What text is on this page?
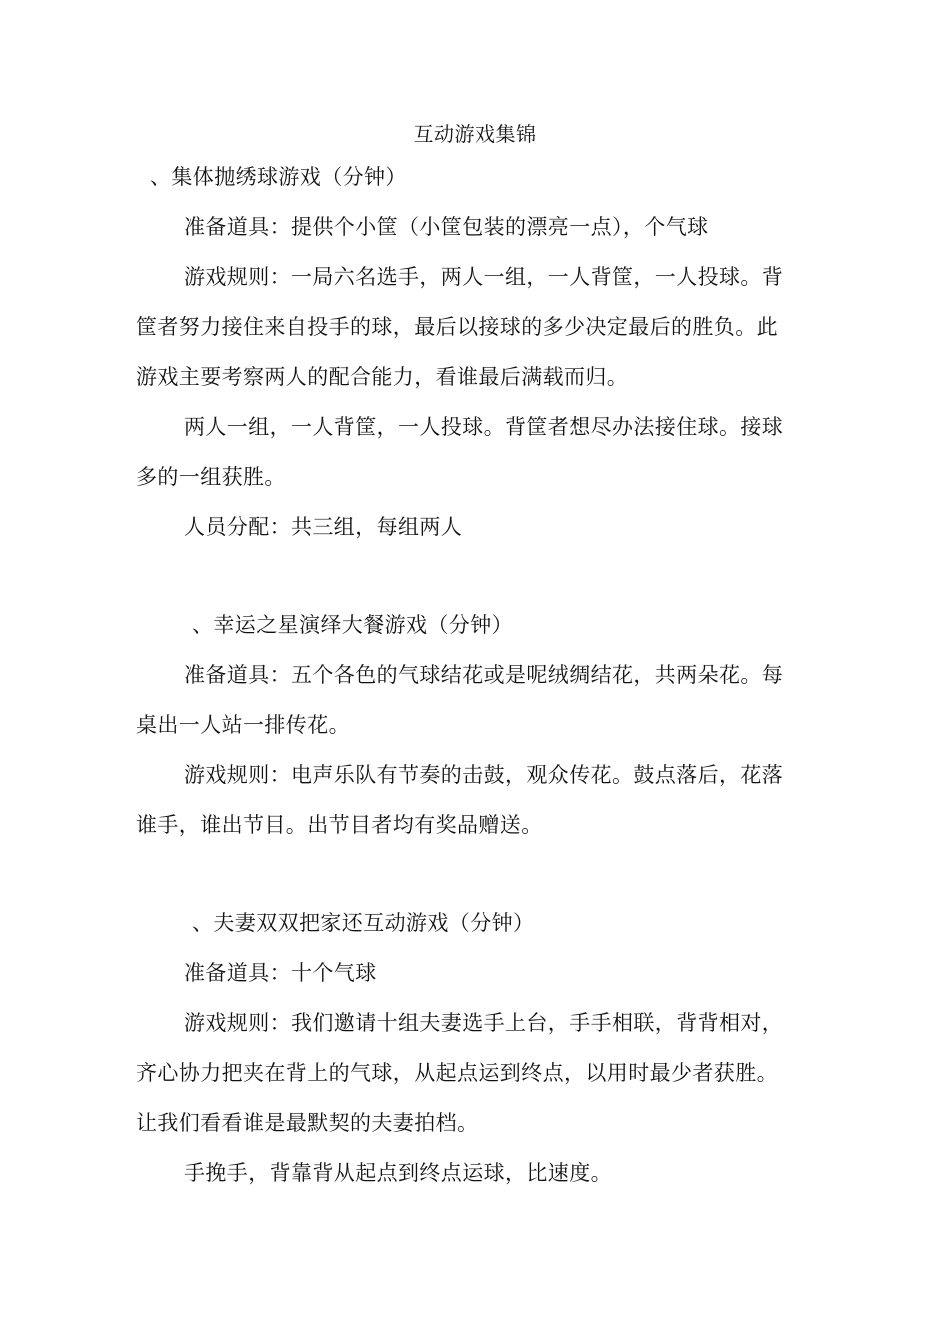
互动游戏集锦
、集体抛绣球游戏（分钟）
准备道具：提供个小筐（小筐包装的漂亮一点），个气球
游戏规则：一局六名选手，两人一组，一人背筐，一人投球。背
筐者努力接住来自投手的球，最后以接球的多少决定最后的胜负。此
游戏主要考察两人的配合能力，看谁最后满载而归。
两人一组，一人背筐，一人投球。背筐者想尽办法接住球。接球
多的一组获胜。
人员分配：共三组，每组两人
、幸运之星演绎大餐游戏（分钟）
准备道具：五个各色的气球结花或是呢绒绸结花，共两朵花。每
桌出一人站一排传花。
游戏规则：电声乐队有节奏的击鼓，观众传花。鼓点落后，花落
谁手，谁出节目。出节目者均有奖品赠送。
、夫妻双双把家还互动游戏（分钟）
准备道具：十个气球
游戏规则：我们邀请十组夫妻选手上台，手手相联，背背相对，
齐心协力把夹在背上的气球，从起点运到终点，以用时最少者获胜。
让我们看看谁是最默契的夫妻拍档。
手挽手，背靠背从起点到终点运球，比速度。
